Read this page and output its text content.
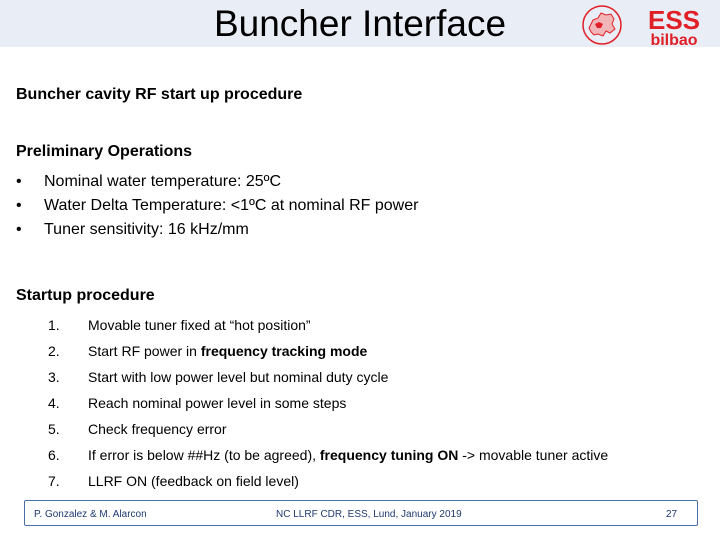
Buncher Interface	ESS
bilbao
Buncher cavity RF start up procedure
Preliminary Operations
• Nominal water temperature: 25ºC
• Water Delta Temperature: <1ºC at nominal RF power
• Tuner sensitivity: 16 kHz/mm
Startup procedure
1. Movable tuner fixed at “hot position”
2. Start RF power in frequency tracking mode
3. Start with low power level but nominal duty cycle
4. Reach nominal power level in some steps
5. Check frequency error
6. If error is below ##Hz (to be agreed), frequency tuning ON -> movable tuner active
7. LLRF ON (feedback on field level)
P. Gonzalez & M. Alarcon	NC LLRF CDR, ESS, Lund, January 2019	27
